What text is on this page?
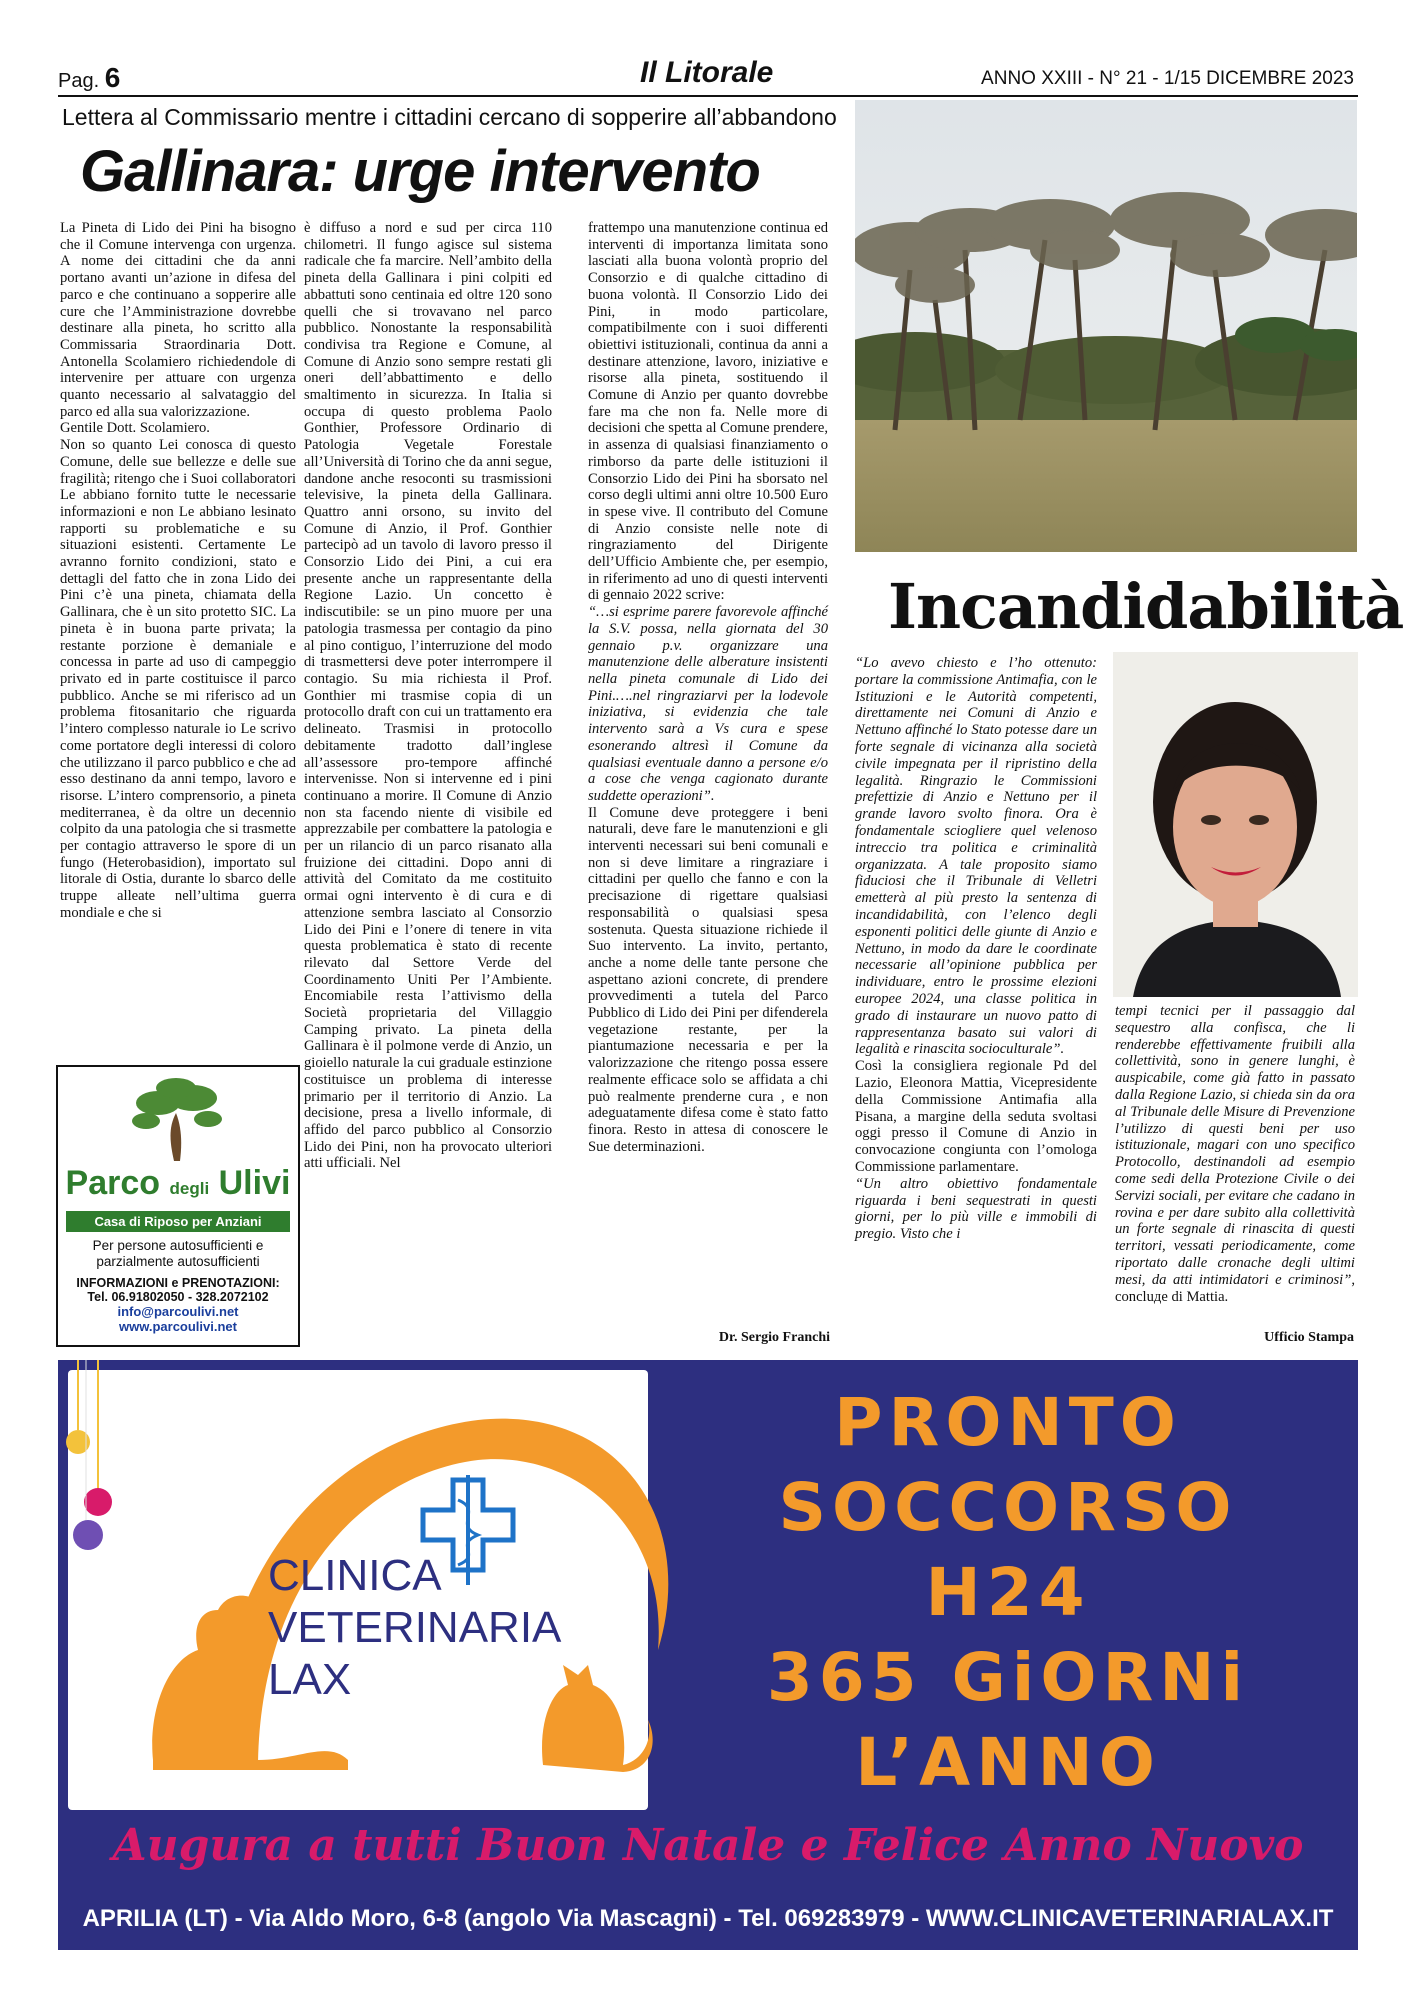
Pag. 6	Il Litorale	ANNO XXIII - N° 21 - 1/15 DICEMBRE 2023
Lettera al Commissario mentre i cittadini cercano di sopperire all’abbandono
Gallinara: urge intervento

La Pineta di Lido dei Pini ha bisogno che il Comune intervenga con urgenza. A nome dei cittadini che da anni portano avanti un’azione in difesa del parco e che continuano a sopperire alle cure che l’Amministrazione dovrebbe destinare alla pineta, ho scritto alla Commissaria Straordinaria Dott. Antonella Scolamiero richiedendole di intervenire per attuare con urgenza quanto necessario al salvataggio del parco ed alla sua valorizzazione.

Gentile Dott. Scolamiero.

Non so quanto Lei conosca di questo Comune, delle sue bellezze e delle sue fragilità; ritengo che i Suoi collaboratori Le abbiano fornito tutte le necessarie informazioni e non Le abbiano lesinato rapporti su problematiche e su situazioni esistenti. Certamente Le avranno fornito condizioni, stato e dettagli del fatto che in zona Lido dei Pini c’è una pineta, chiamata della Gallinara, che è un sito protetto SIC. La pineta è in buona parte privata; la restante porzione è demaniale e concessa in parte ad uso di campeggio privato ed in parte costituisce il parco pubblico. Anche se mi riferisco ad un problema fitosanitario che riguarda l’intero complesso naturale io Le scrivo come portatore degli interessi di coloro che utilizzano il parco pubblico e che ad esso destinano da anni tempo, lavoro e risorse. L’intero comprensorio, a pineta mediterranea, è da oltre un decennio colpito da una patologia che si trasmette per contagio attraverso le spore di un fungo (Heterobasidion), importato sul litorale di Ostia, durante lo sbarco delle truppe alleate nell’ultima guerra mondiale e che si

è diffuso a nord e sud per circa 110 chilometri. Il fungo agisce sul sistema radicale che fa marcire. Nell’ambito della pineta della Gallinara i pini colpiti ed abbattuti sono centinaia ed oltre 120 sono quelli che si trovavano nel parco pubblico. Nonostante la responsabilità condivisa tra Regione e Comune, al Comune di Anzio sono sempre restati gli oneri dell’abbattimento e dello smaltimento in sicurezza. In Italia si occupa di questo problema Paolo Gonthier, Professore Ordinario di Patologia Vegetale Forestale all’Università di Torino che da anni segue, dandone anche resoconti su trasmissioni televisive, la pineta della Gallinara. Quattro anni orsono, su invito del Comune di Anzio, il Prof. Gonthier partecipò ad un tavolo di lavoro presso il Consorzio Lido dei Pini, a cui era presente anche un rappresentante della Regione Lazio. Un concetto è indiscutibile: se un pino muore per una patologia trasmessa per contagio da pino al pino contiguo, l’interruzione del modo di trasmettersi deve poter interrompere il contagio. Su mia richiesta il Prof. Gonthier mi trasmise copia di un protocollo draft con cui un trattamento era delineato. Trasmisi in protocollo debitamente tradotto dall’inglese all’assessore pro-tempore affinché intervenisse. Non si intervenne ed i pini continuano a morire. Il Comune di Anzio non sta facendo niente di visibile ed apprezzabile per combattere la patologia e per un rilancio di un parco risanato alla fruizione dei cittadini. Dopo anni di attività del Comitato da me costituito ormai ogni intervento è di cura e di attenzione sembra lasciato al Consorzio Lido dei Pini e l’onere di tenere in vita questa problematica è stato di recente rilevato dal Settore Verde del Coordinamento Uniti Per l’Ambiente. Encomiabile resta l’attivismo della Società proprietaria del Villaggio Camping privato. La pineta della Gallinara è il polmone verde di Anzio, un gioiello naturale la cui graduale estinzione costituisce un problema di interesse primario per il territorio di Anzio. La decisione, presa a livello informale, di affido del parco pubblico al Consorzio Lido dei Pini, non ha provocato ulteriori atti ufficiali. Nel

frattempo una manutenzione continua ed interventi di importanza limitata sono lasciati alla buona volontà proprio del Consorzio e di qualche cittadino di buona volontà. Il Consorzio Lido dei Pini, in modo particolare, compatibilmente con i suoi differenti obiettivi istituzionali, continua da anni a destinare attenzione, lavoro, iniziative e risorse alla pineta, sostituendo il Comune di Anzio per quanto dovrebbe fare ma che non fa. Nelle more di decisioni che spetta al Comune prendere, in assenza di qualsiasi finanziamento o rimborso da parte delle istituzioni il Consorzio Lido dei Pini ha sborsato nel corso degli ultimi anni oltre 10.500 Euro in spese vive. Il contributo del Comune di Anzio consiste nelle note di ringraziamento del Dirigente dell’Ufficio Ambiente che, per esempio, in riferimento ad uno di questi interventi di gennaio 2022 scrive:

“…si esprime parere favorevole affinché la S.V. possa, nella giornata del 30 gennaio p.v. organizzare una manutenzione delle alberature insistenti nella pineta comunale di Lido dei Pini.….nel ringraziarvi per la lodevole iniziativa, si evidenzia che tale intervento sarà a Vs cura e spese esonerando altresì il Comune da qualsiasi eventuale danno a persone e/o a cose che venga cagionato durante suddette operazioni”.

Il Comune deve proteggere i beni naturali, deve fare le manutenzioni e gli interventi necessari sui beni comunali e non si deve limitare a ringraziare i cittadini per quello che fanno e con la precisazione di rigettare qualsiasi responsabilità o qualsiasi spesa sostenuta. Questa situazione richiede il Suo intervento. La invito, pertanto, anche a nome delle tante persone che aspettano azioni concrete, di prendere provvedimenti a tutela del Parco Pubblico di Lido dei Pini per difenderela vegetazione restante, per la piantumazione necessaria e per la valorizzazione che ritengo possa essere realmente efficace solo se affidata a chi può realmente prenderne cura , e non adeguatamente difesa come è stato fatto finora. Resto in attesa di conoscere le Sue determinazioni.

Dr. Sergio Franchi
Incandidabilità

“Lo avevo chiesto e l’ho ottenuto: portare la commissione Antimafia, con le Istituzioni e le Autorità competenti, direttamente nei Comuni di Anzio e Nettuno affinché lo Stato potesse dare un forte segnale di vicinanza alla società civile impegnata per il ripristino della legalità. Ringrazio le Commissioni prefettizie di Anzio e Nettuno per il grande lavoro svolto finora. Ora è fondamentale sciogliere quel velenoso intreccio tra politica e criminalità organizzata. A tale proposito siamo fiduciosi che il Tribunale di Velletri emetterà al più presto la sentenza di incandidabilità, con l’elenco degli esponenti politici delle giunte di Anzio e Nettuno, in modo da dare le coordinate necessarie all’opinione pubblica per individuare, entro le prossime elezioni europee 2024, una classe politica in grado di instaurare un nuovo patto di rappresentanza basato sui valori di legalità e rinascita socioculturale”.

Così la consigliera regionale Pd del Lazio, Eleonora Mattia, Vicepresidente della Commissione Antimafia alla Pisana, a margine della seduta svoltasi oggi presso il Comune di Anzio in convocazione congiunta con l’omologa Commissione parlamentare.

“Un altro obiettivo fondamentale riguarda i beni sequestrati in questi giorni, per lo più ville e immobili di pregio. Visto che i

tempi tecnici per il passaggio dal sequestro alla confisca, che li renderebbe effettivamente fruibili alla collettività, sono in genere lunghi, è auspicabile, come già fatto in passato dalla Regione Lazio, si chieda sin da ora al Tribunale delle Misure di Prevenzione l’utilizzo di questi beni per uso istituzionale, magari con uno specifico Protocollo, destinandoli ad esempio come sedi della Protezione Civile o dei Servizi sociali, per evitare che cadano in rovina e per dare subito alla collettività un forte segnale di rinascita di questi territori, vessati periodicamente, come riportato dalle cronache degli ultimi mesi, da atti intimidatori e criminosi”, concluде di Mattia.
Ufficio Stampa
Parco degli Ulivi
Casa di Riposo per Anziani
Per persone autosufficienti e parzialmente autosufficienti
INFORMAZIONI e PRENOTAZIONI:
Tel. 06.91802050 - 328.2072102
info@parcoulivi.net
www.parcoulivi.net
CLINICA
VETERINARIA
LAX
PRONTO
SOCCORSO
H24
365 GiORNi
L’ANNO
Augura a tutti Buon Natale e Felice Anno Nuovo
APRILIA (LT) - Via Aldo Moro, 6-8 (angolo Via Mascagni) - Tel. 069283979 - WWW.CLINICAVETERINARIALAX.IT
